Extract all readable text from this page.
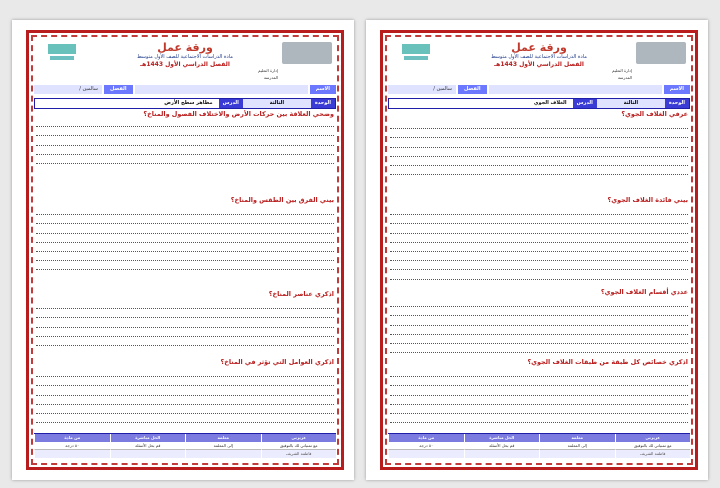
ورقة عمل
مادة الدراسات الاجتماعية للصف الأول متوسط
الفصل الدراسي الأول 1443هـ
إدارة التعليم
المدرسة
الاسم
الفصل
سالمين /
الوحدة
الثالثة
الدرس
مظاهر سطح الأرض
وضحي العلاقة بين حركات الأرض والاختلاف الفصول والمناخ؟
بيني الفرق بين الطقس والمناخ؟
اذكري عناصر المناخ؟
اذكري العوامل التي تؤثر في المناخ؟
عزيزتي
معلمة
الحل مباشرة
من مادة
مع تمنياتي لك بالتوفيق
إلى المعلمة
قم بحل الأسئلة
٥٠ درجة
فاطمة الشريف
ورقة عمل
مادة الدراسات الاجتماعية للصف الأول متوسط
الفصل الدراسي الأول 1443هـ
إدارة التعليم
المدرسة
الاسم
الفصل
سالمين /
الوحدة
الثالثة
الدرس
الغلاف الجوي
عرفي الغلاف الجوي؟
بيني فائدة الغلاف الجوي؟
عددي أقسام الغلاف الجوي؟
اذكري خصائص كل طبقة من طبقات الغلاف الجوي؟
عزيزتي
معلمة
الحل مباشرة
من مادة
مع تمنياتي لك بالتوفيق
إلى المعلمة
قم بحل الأسئلة
٥٠ درجة
فاطمة الشريف
